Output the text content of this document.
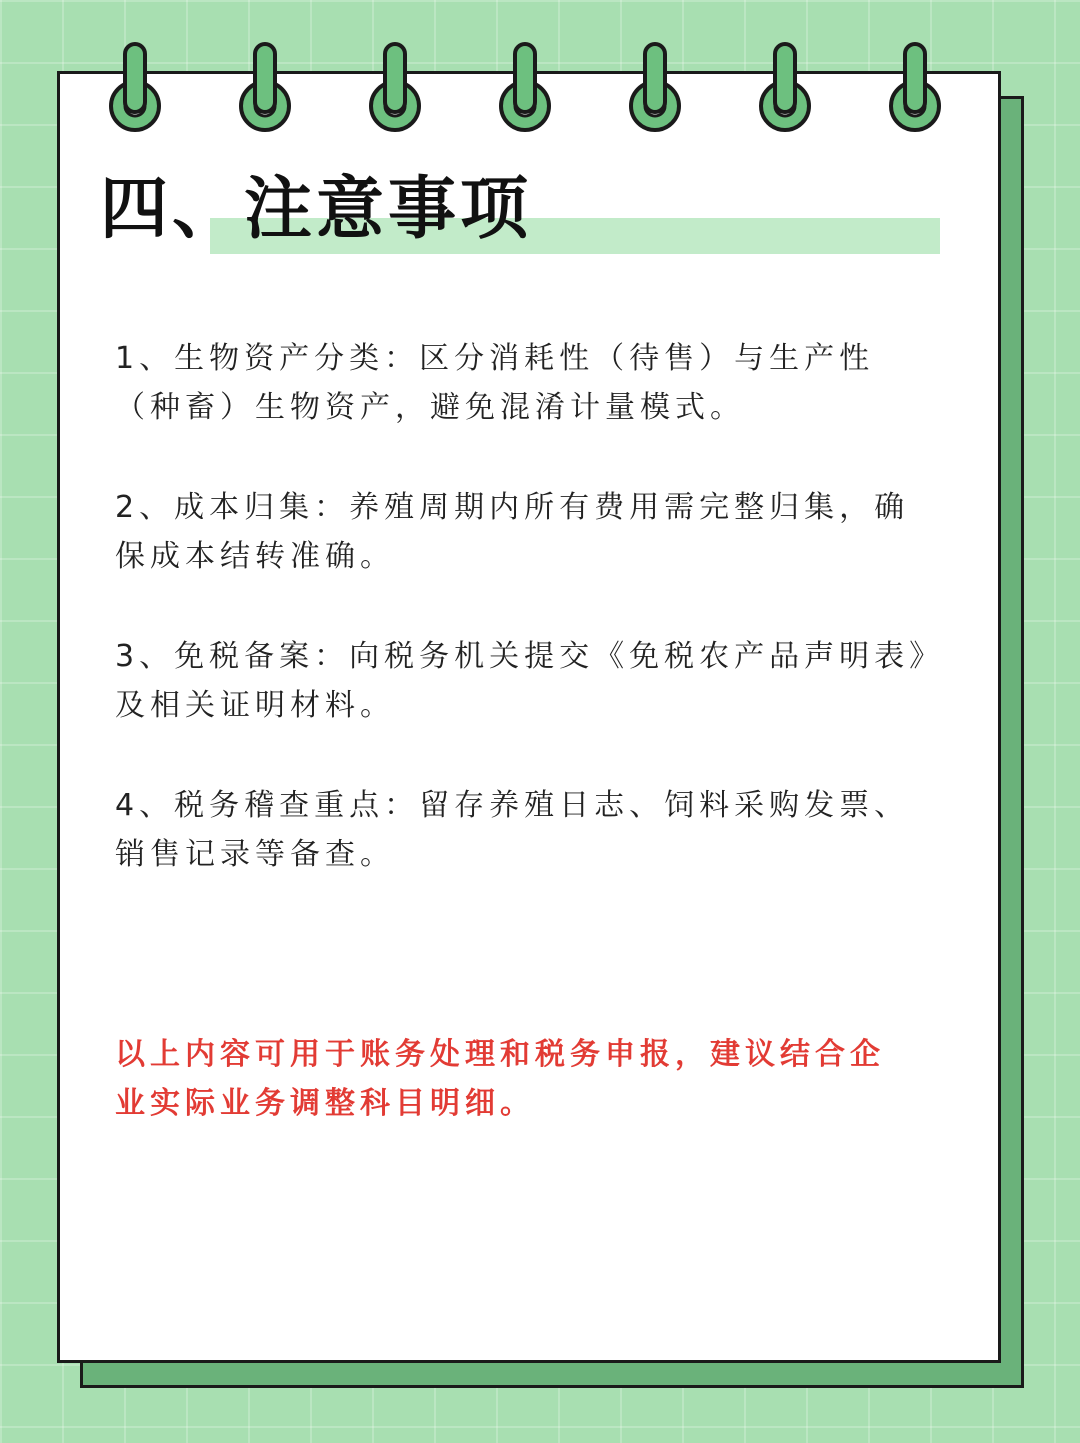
四、注意事项
1、生物资产分类：区分消耗性（待售）与生产性（种畜）生物资产，避免混淆计量模式。
2、成本归集：养殖周期内所有费用需完整归集，确保成本结转准确。
3、免税备案：向税务机关提交《免税农产品声明表》及相关证明材料。
4、税务稽查重点：留存养殖日志、饲料采购发票、销售记录等备查。

以上内容可用于账务处理和税务申报，建议结合企业实际业务调整科目明细。
